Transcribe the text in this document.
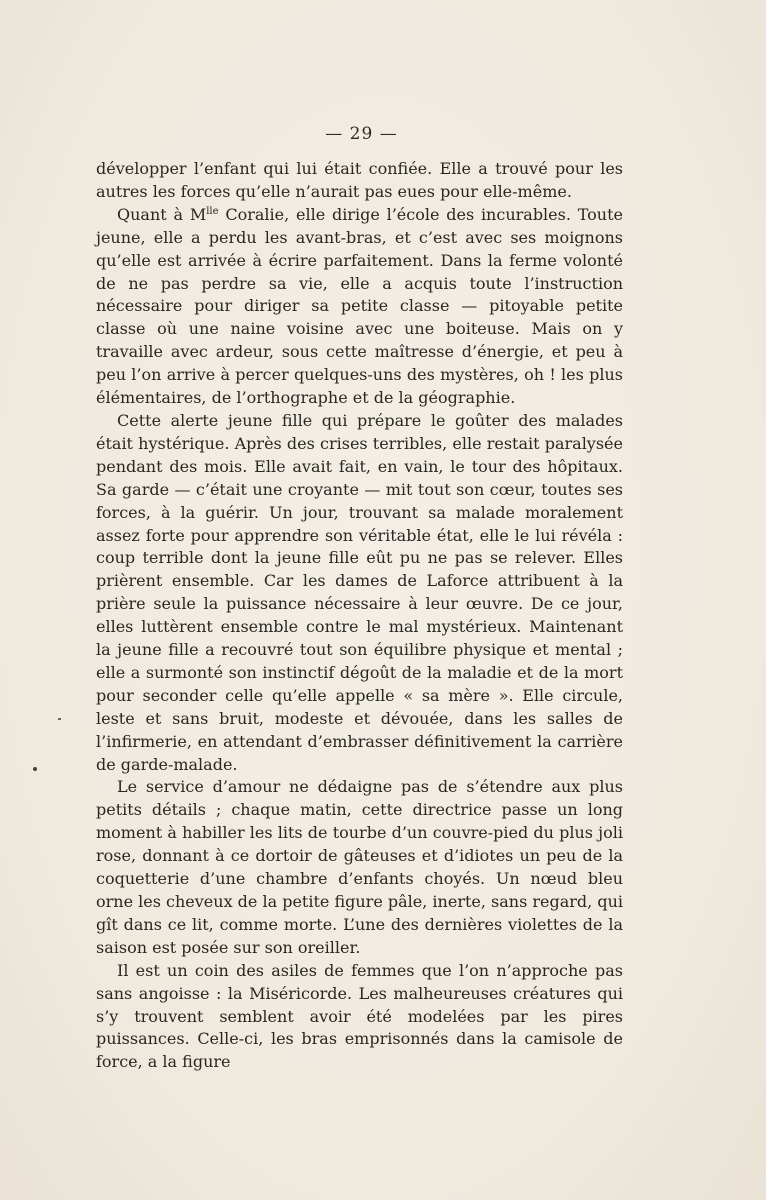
— 29 —

développer l’enfant qui lui était confiée. Elle a trouvé pour les autres les forces qu’elle n’aurait pas eues pour elle-même.

Quant à $M^{lle}$ Coralie, elle dirige l’école des incurables. Toute jeune, elle a perdu les avant-bras, et c’est avec ses moignons qu’elle est arrivée à écrire parfaitement. Dans la ferme volonté de ne pas perdre sa vie, elle a acquis toute l’instruction nécessaire pour diriger sa petite classe — pitoyable petite classe où une naine voisine avec une boiteuse. Mais on y travaille avec ardeur, sous cette maîtresse d’énergie, et peu à peu l’on arrive à percer quelques-uns des mystères, oh ! les plus élémentaires, de l’orthographe et de la géographie.

Cette alerte jeune fille qui prépare le goûter des malades était hystérique. Après des crises terribles, elle restait paralysée pendant des mois. Elle avait fait, en vain, le tour des hôpitaux. Sa garde — c’était une croyante — mit tout son cœur, toutes ses forces, à la guérir. Un jour, trouvant sa malade moralement assez forte pour apprendre son véritable état, elle le lui révéla : coup terrible dont la jeune fille eût pu ne pas se relever. Elles prièrent ensemble. Car les dames de Laforce attribuent à la prière seule la puissance nécessaire à leur œuvre. De ce jour, elles luttèrent ensemble contre le mal mystérieux. Maintenant la jeune fille a recouvré tout son équilibre physique et mental ; elle a surmonté son instinctif dégoût de la maladie et de la mort pour seconder celle qu’elle appelle « sa mère ». Elle circule, leste et sans bruit, modeste et dévouée, dans les salles de l’infirmerie, en attendant d’embrasser définitivement la carrière de garde-malade.

Le service d’amour ne dédaigne pas de s’étendre aux plus petits détails ; chaque matin, cette directrice passe un long moment à habiller les lits de tourbe d’un couvre-pied du plus joli rose, donnant à ce dortoir de gâteuses et d’idiotes un peu de la coquetterie d’une chambre d’enfants choyés. Un nœud bleu orne les cheveux de la petite figure pâle, inerte, sans regard, qui gît dans ce lit, comme morte. L’une des dernières violettes de la saison est posée sur son oreiller.

Il est un coin des asiles de femmes que l’on n’approche pas sans angoisse : la Miséricorde. Les malheureuses créatures qui s’y trouvent semblent avoir été modelées par les pires puissances. Celle-ci, les bras emprisonnés dans la camisole de force, a la figure
